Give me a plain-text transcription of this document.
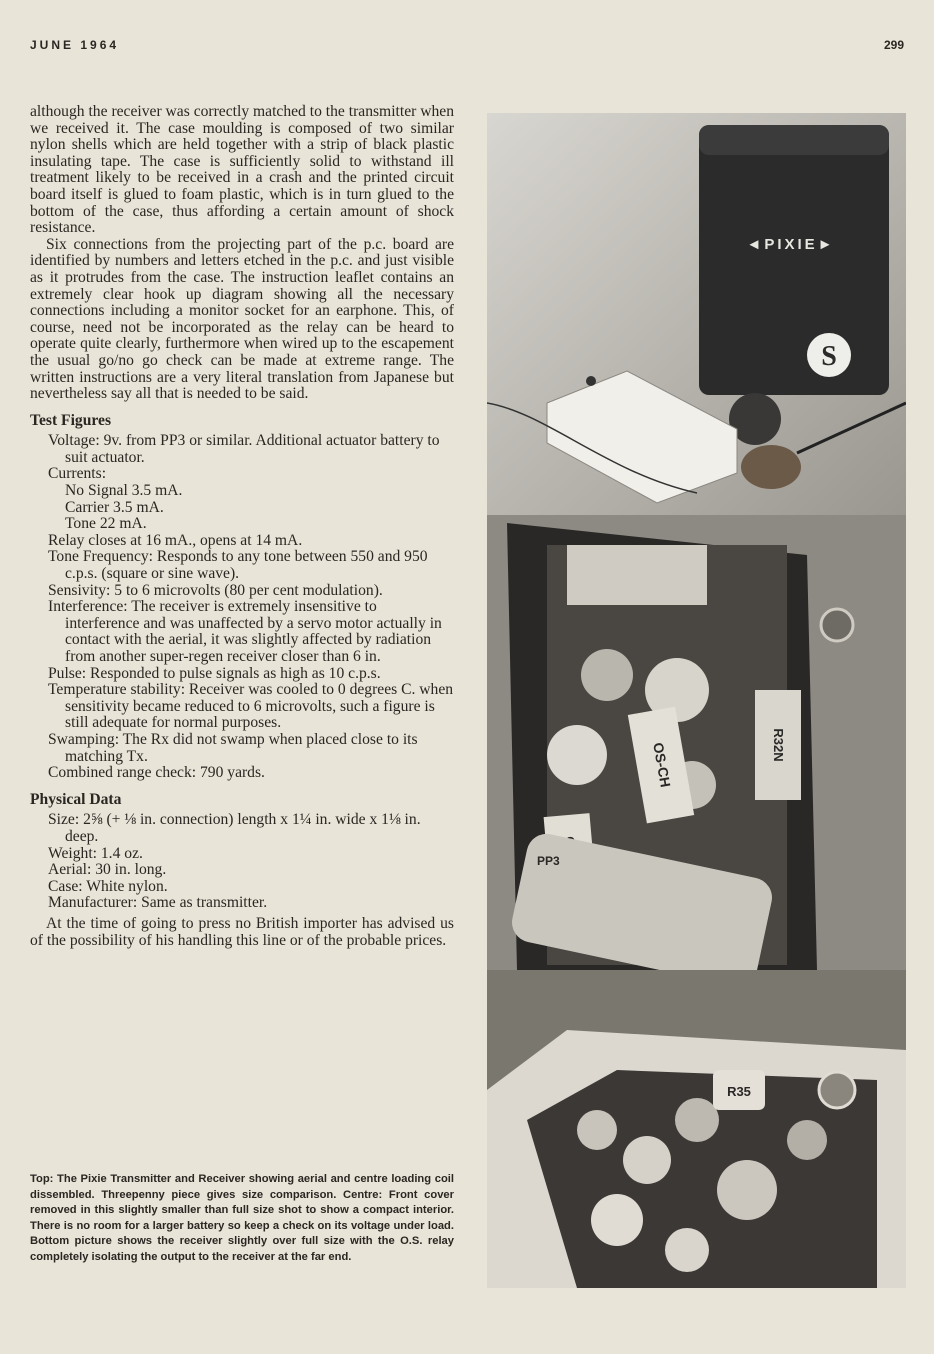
JUNE 1964	299

although the receiver was correctly matched to the transmitter when we received it. The case moulding is composed of two similar nylon shells which are held together with a strip of black plastic insulating tape. The case is sufficiently solid to withstand ill treatment likely to be received in a crash and the printed circuit board itself is glued to foam plastic, which is in turn glued to the bottom of the case, thus affording a certain amount of shock resistance.

Six connections from the projecting part of the p.c. board are identified by numbers and letters etched in the p.c. and just visible as it protrudes from the case. The instruction leaflet contains an extremely clear hook up diagram showing all the necessary connections including a monitor socket for an earphone. This, of course, need not be incorporated as the relay can be heard to operate quite clearly, furthermore when wired up to the escapement the usual go/no go check can be made at extreme range. The written instructions are a very literal translation from Japanese but nevertheless say all that is needed to be said.

Test Figures
Voltage: 9v. from PP3 or similar. Additional actuator battery to suit actuator.
Currents:
No Signal 3.5 mA.
Carrier 3.5 mA.
Tone 22 mA.
Relay closes at 16 mA., opens at 14 mA.
Tone Frequency: Responds to any tone between 550 and 950 c.p.s. (square or sine wave).
Sensivity: 5 to 6 microvolts (80 per cent modulation).
Interference: The receiver is extremely insensitive to interference and was unaffected by a servo motor actually in contact with the aerial, it was slightly affected by radiation from another super-regen receiver closer than 6 in.
Pulse: Responded to pulse signals as high as 10 c.p.s.
Temperature stability: Receiver was cooled to 0 degrees C. when sensitivity became reduced to 6 microvolts, such a figure is still adequate for normal purposes.
Swamping: The Rx did not swamp when placed close to its matching Tx.
Combined range check: 790 yards.
Physical Data
Size: 2⅝ (+ ⅛ in. connection) length x 1¼ in. wide x 1⅛ in. deep.
Weight: 1.4 oz.
Aerial: 30 in. long.
Case: White nylon.
Manufacturer: Same as transmitter.

At the time of going to press no British importer has advised us of the possibility of his handling this line or of the probable prices.

Top: The Pixie Transmitter and Receiver showing aerial and centre loading coil dissembled. Threepenny piece gives size comparison. Centre: Front cover removed in this slightly smaller than full size shot to show a compact interior. There is no room for a larger battery so keep a check on its voltage under load. Bottom picture shows the receiver slightly over full size with the O.S. relay completely isolating the output to the receiver at the far end.
◄PIXIE►
S
OS-CH	R32N
PP3
R35
